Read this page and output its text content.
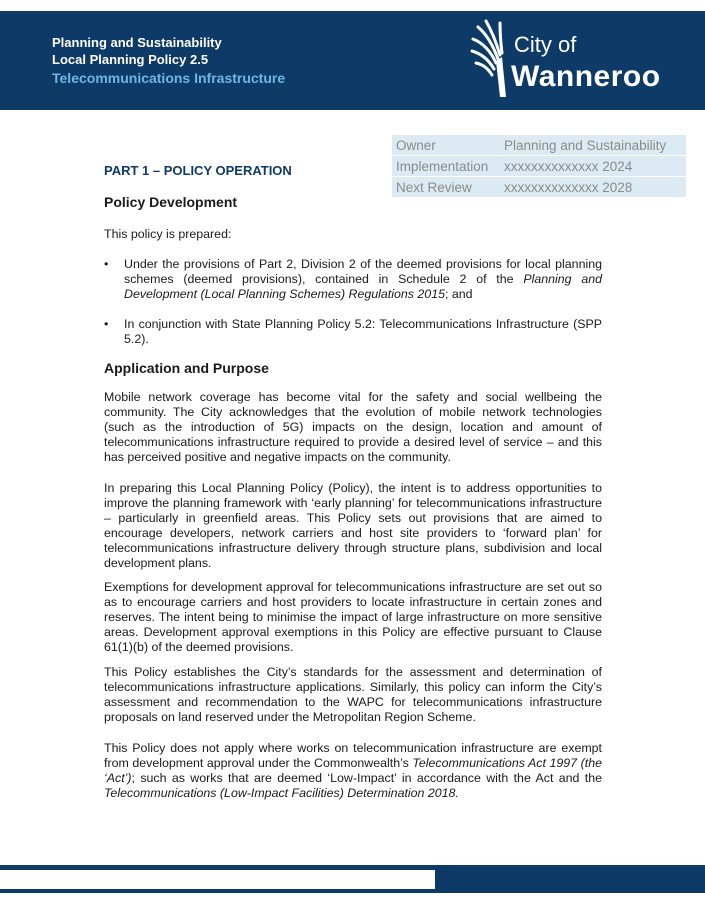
Planning and Sustainability
Local Planning Policy 2.5
Telecommunications Infrastructure
City of
Wanneroo
Owner	Planning and Sustainability
Implementation	xxxxxxxxxxxxxx 2024
Next Review	xxxxxxxxxxxxxx 2028
PART 1 – POLICY OPERATION
Policy Development
This policy is prepared:
• Under the provisions of Part 2, Division 2 of the deemed provisions for local planning schemes (deemed provisions), contained in Schedule 2 of the Planning and Development (Local Planning Schemes) Regulations 2015; and
• In conjunction with State Planning Policy 5.2: Telecommunications Infrastructure (SPP 5.2).
Application and Purpose
Mobile network coverage has become vital for the safety and social wellbeing the community. The City acknowledges that the evolution of mobile network technologies (such as the introduction of 5G) impacts on the design, location and amount of telecommunications infrastructure required to provide a desired level of service – and this has perceived positive and negative impacts on the community.
In preparing this Local Planning Policy (Policy), the intent is to address opportunities to improve the planning framework with ‘early planning’ for telecommunications infrastructure – particularly in greenfield areas. This Policy sets out provisions that are aimed to encourage developers, network carriers and host site providers to ‘forward plan’ for telecommunications infrastructure delivery through structure plans, subdivision and local development plans.
Exemptions for development approval for telecommunications infrastructure are set out so as to encourage carriers and host providers to locate infrastructure in certain zones and reserves. The intent being to minimise the impact of large infrastructure on more sensitive areas. Development approval exemptions in this Policy are effective pursuant to Clause 61(1)(b) of the deemed provisions.
This Policy establishes the City’s standards for the assessment and determination of telecommunications infrastructure applications. Similarly, this policy can inform the City’s assessment and recommendation to the WAPC for telecommunications infrastructure proposals on land reserved under the Metropolitan Region Scheme.
This Policy does not apply where works on telecommunication infrastructure are exempt from development approval under the Commonwealth’s Telecommunications Act 1997 (the ‘Act’); such as works that are deemed ‘Low-Impact’ in accordance with the Act and the Telecommunications (Low-Impact Facilities) Determination 2018.
